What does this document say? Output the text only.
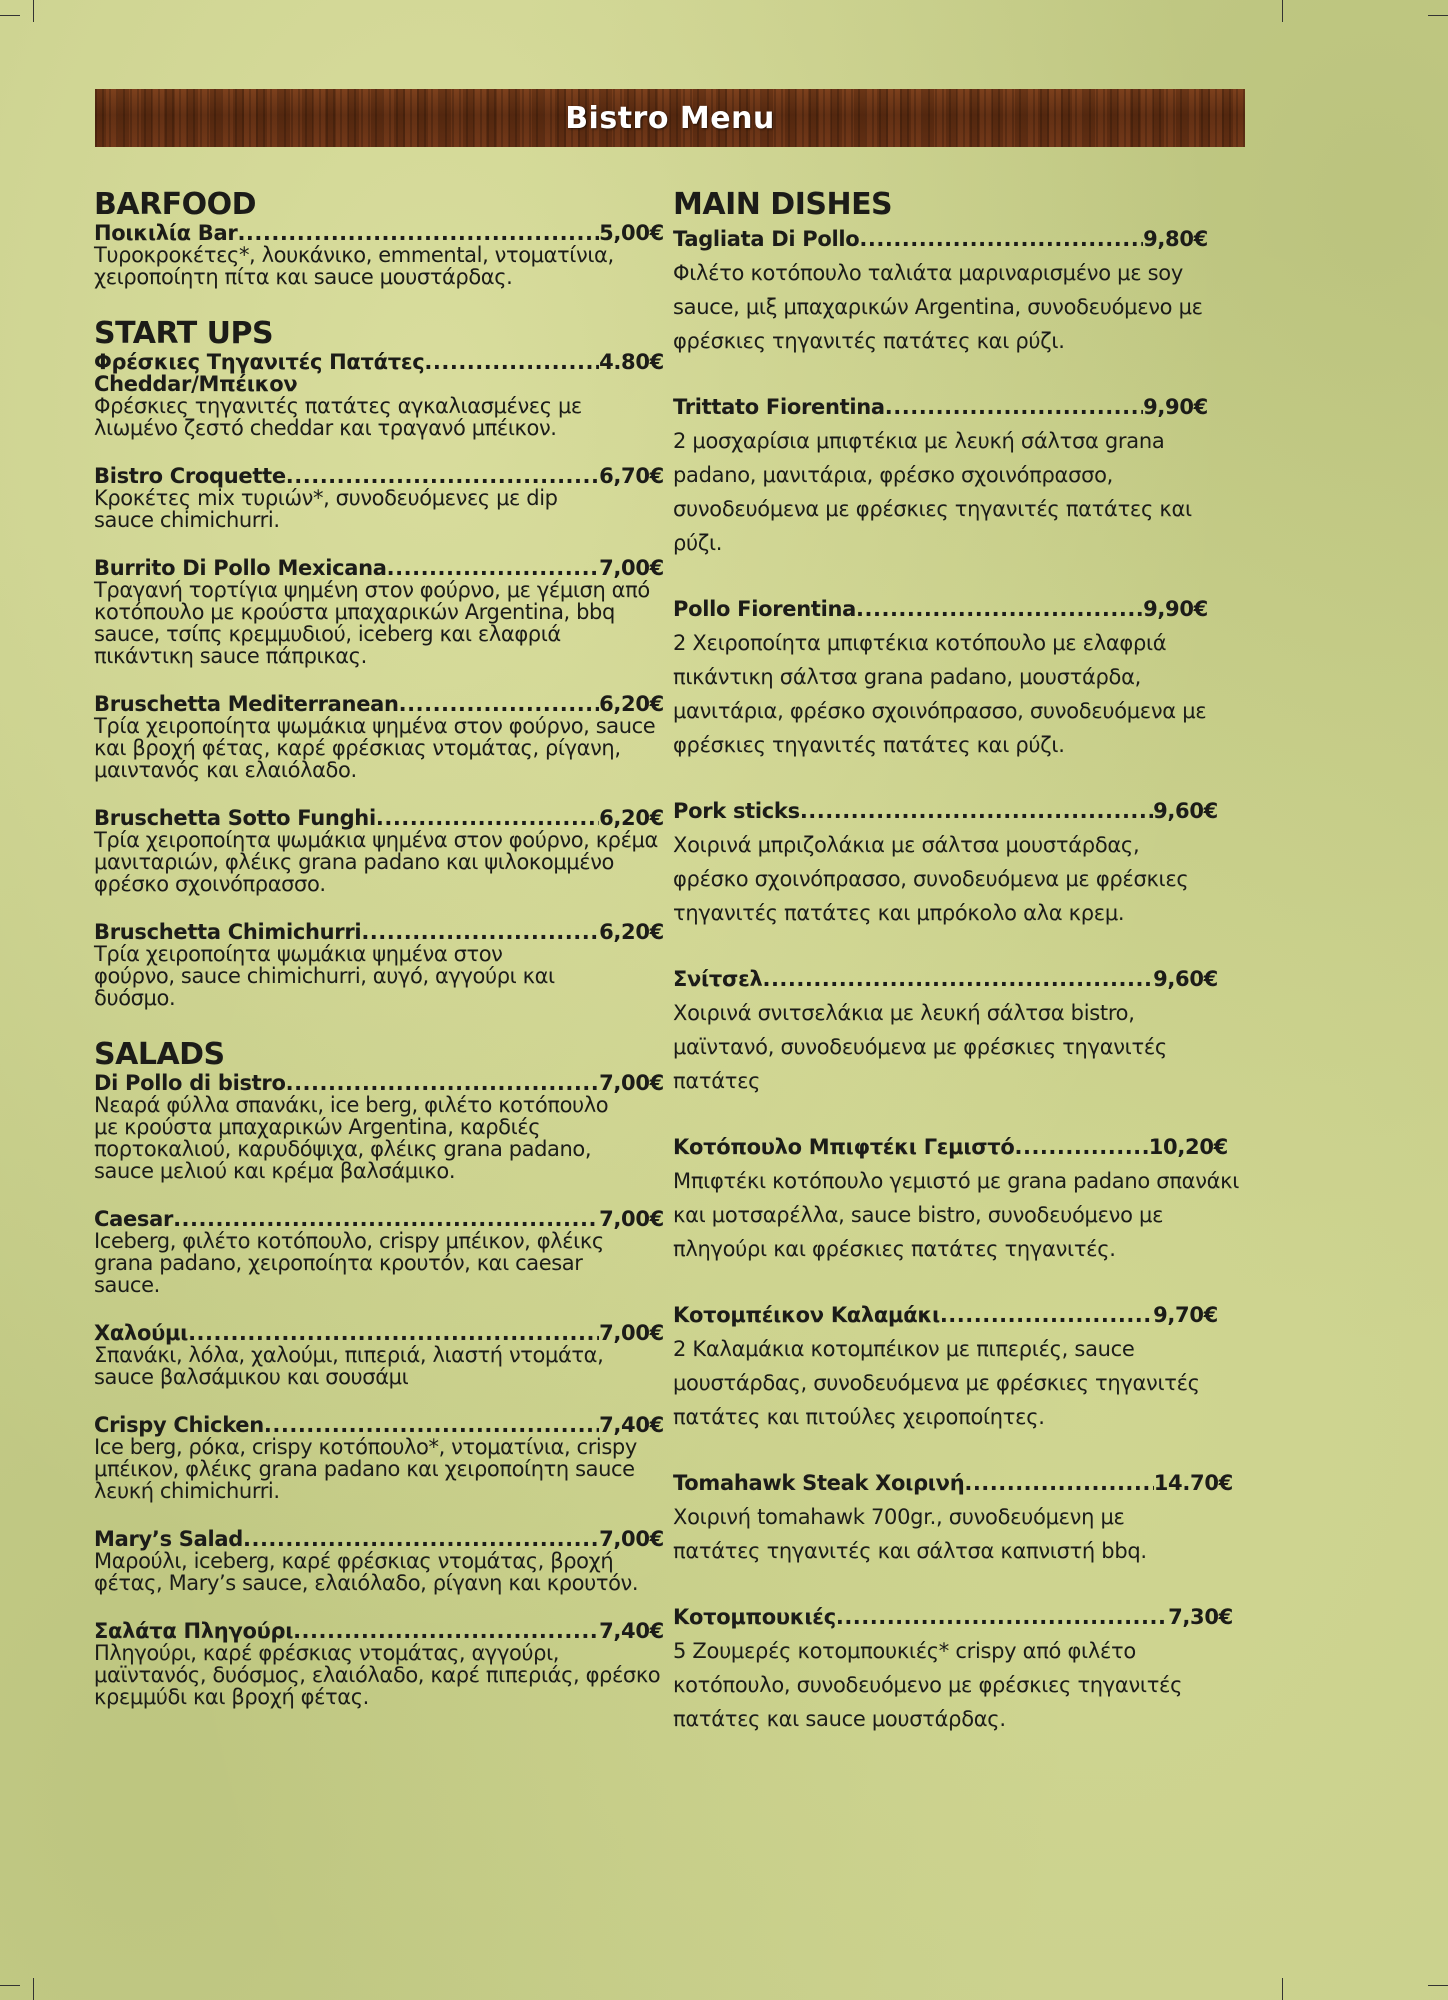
Bistro Menu
BARFOOD
Ποικιλία Bar .....	5,00€
Τυροκροκέτες*, λουκάνικο, emmental, ντοματίνια, χειροποίητη πίτα και sauce μουστάρδας.
START UPS
Φρέσκιες Τηγανιτές Πατάτες .....	4.80€
Cheddar/Μπέικον
Φρέσκιες τηγανιτές πατάτες αγκαλιασμένες με λιωμένο ζεστό cheddar και τραγανό μπέικον.
Bistro Croquette .....	6,70€
Κροκέτες mix τυριών*, συνοδευόμενες με dip sauce chimichurri.
Burrito Di Pollo Mexicana .....	7,00€
Τραγανή τορτίγια ψημένη στον φούρνο, με γέμιση από κοτόπουλο με κρούστα μπαχαρικών Argentina, bbq sauce, τσίπς κρεμμυδιού, iceberg και ελαφριά πικάντικη sauce πάπρικας.
Bruschetta Mediterranean .....	6,20€
Τρία χειροποίητα ψωμάκια ψημένα στον φούρνο, sauce και βροχή φέτας, καρέ φρέσκιας ντομάτας, ρίγανη, μαιντανός και ελαιόλαδο.
Bruschetta Sotto Funghi .....	6,20€
Τρία χειροποίητα ψωμάκια ψημένα στον φούρνο, κρέμα μανιταριών, φλέικς grana padano και ψιλοκομμένο φρέσκο σχοινόπρασσο.
Bruschetta Chimichurri .....	6,20€
Τρία χειροποίητα ψωμάκια ψημένα στον φούρνο, sauce chimichurri, αυγό, αγγούρι και δυόσμο.
SALADS
Di Pollo di bistro .....	7,00€
Νεαρά φύλλα σπανάκι, ice berg, φιλέτο κοτόπουλο με κρούστα μπαχαρικών Argentina, καρδιές πορτοκαλιού, καρυδόψιχα, φλέικς grana padano, sauce μελιού και κρέμα βαλσάμικο.
Caesar .....	7,00€
Iceberg, φιλέτο κοτόπουλο, crispy μπέικον, φλέικς grana padano, χειροποίητα κρουτόν, και caesar sauce.
Χαλούμι .....	7,00€
Σπανάκι, λόλα, χαλούμι, πιπεριά, λιαστή ντομάτα, sauce βαλσάμικου και σουσάμι
Crispy Chicken .....	7,40€
Ice berg, ρόκα, crispy κοτόπουλο*, ντοματίνια, crispy μπέικον, φλέικς grana padano και χειροποίητη sauce λευκή chimichurri.
Mary’s Salad .....	7,00€
Μαρούλι, iceberg, καρέ φρέσκιας ντομάτας, βροχή φέτας, Mary’s sauce, ελαιόλαδο, ρίγανη και κρουτόν.
Σαλάτα Πληγούρι .....	7,40€
Πληγούρι, καρέ φρέσκιας ντομάτας, αγγούρι, μαϊντανός, δυόσμος, ελαιόλαδο, καρέ πιπεριάς, φρέσκο κρεμμύδι και βροχή φέτας.
MAIN DISHES
Tagliata Di Pollo .....	9,80€
Φιλέτο κοτόπουλο ταλιάτα μαριναρισμένο με soy sauce, μιξ μπαχαρικών Argentina, συνοδευόμενο με φρέσκιες τηγανιτές πατάτες και ρύζι.
Trittato Fiorentina .....	9,90€
2 μοσχαρίσια μπιφτέκια με λευκή σάλτσα grana padano, μανιτάρια, φρέσκο σχοινόπρασσο, συνοδευόμενα με φρέσκιες τηγανιτές πατάτες και ρύζι.
Pollo Fiorentina .....	9,90€
2 Χειροποίητα μπιφτέκια κοτόπουλο με ελαφριά πικάντικη σάλτσα grana padano, μουστάρδα, μανιτάρια, φρέσκο σχοινόπρασσο, συνοδευόμενα με φρέσκιες τηγανιτές πατάτες και ρύζι.
Pork sticks .....	9,60€
Χοιρινά μπριζολάκια με σάλτσα μουστάρδας, φρέσκο σχοινόπρασσο, συνοδευόμενα με φρέσκιες τηγανιτές πατάτες και μπρόκολο αλα κρεμ.
Σνίτσελ .....	9,60€
Χοιρινά σνιτσελάκια με λευκή σάλτσα bistro, μαϊντανό, συνοδευόμενα με φρέσκιες τηγανιτές πατάτες
Κοτόπουλο Μπιφτέκι Γεμιστό .....	10,20€
Μπιφτέκι κοτόπουλο γεμιστό με grana padano σπανάκι και μοτσαρέλλα, sauce bistro, συνοδευόμενο με πληγούρι και φρέσκιες πατάτες τηγανιτές.
Κοτομπέικον Καλαμάκι .....	9,70€
2 Καλαμάκια κοτομπέικον με πιπεριές, sauce μουστάρδας, συνοδευόμενα με φρέσκιες τηγανιτές πατάτες και πιτούλες χειροποίητες.
Tomahawk Steak Χοιρινή .....	14.70€
Χοιρινή tomahawk 700gr., συνοδευόμενη με πατάτες τηγανιτές και σάλτσα καπνιστή bbq.
Κοτομπουκιές .....	7,30€
5 Ζουμερές κοτομπουκιές* crispy από φιλέτο κοτόπουλο, συνοδευόμενο με φρέσκιες τηγανιτές πατάτες και sauce μουστάρδας.
